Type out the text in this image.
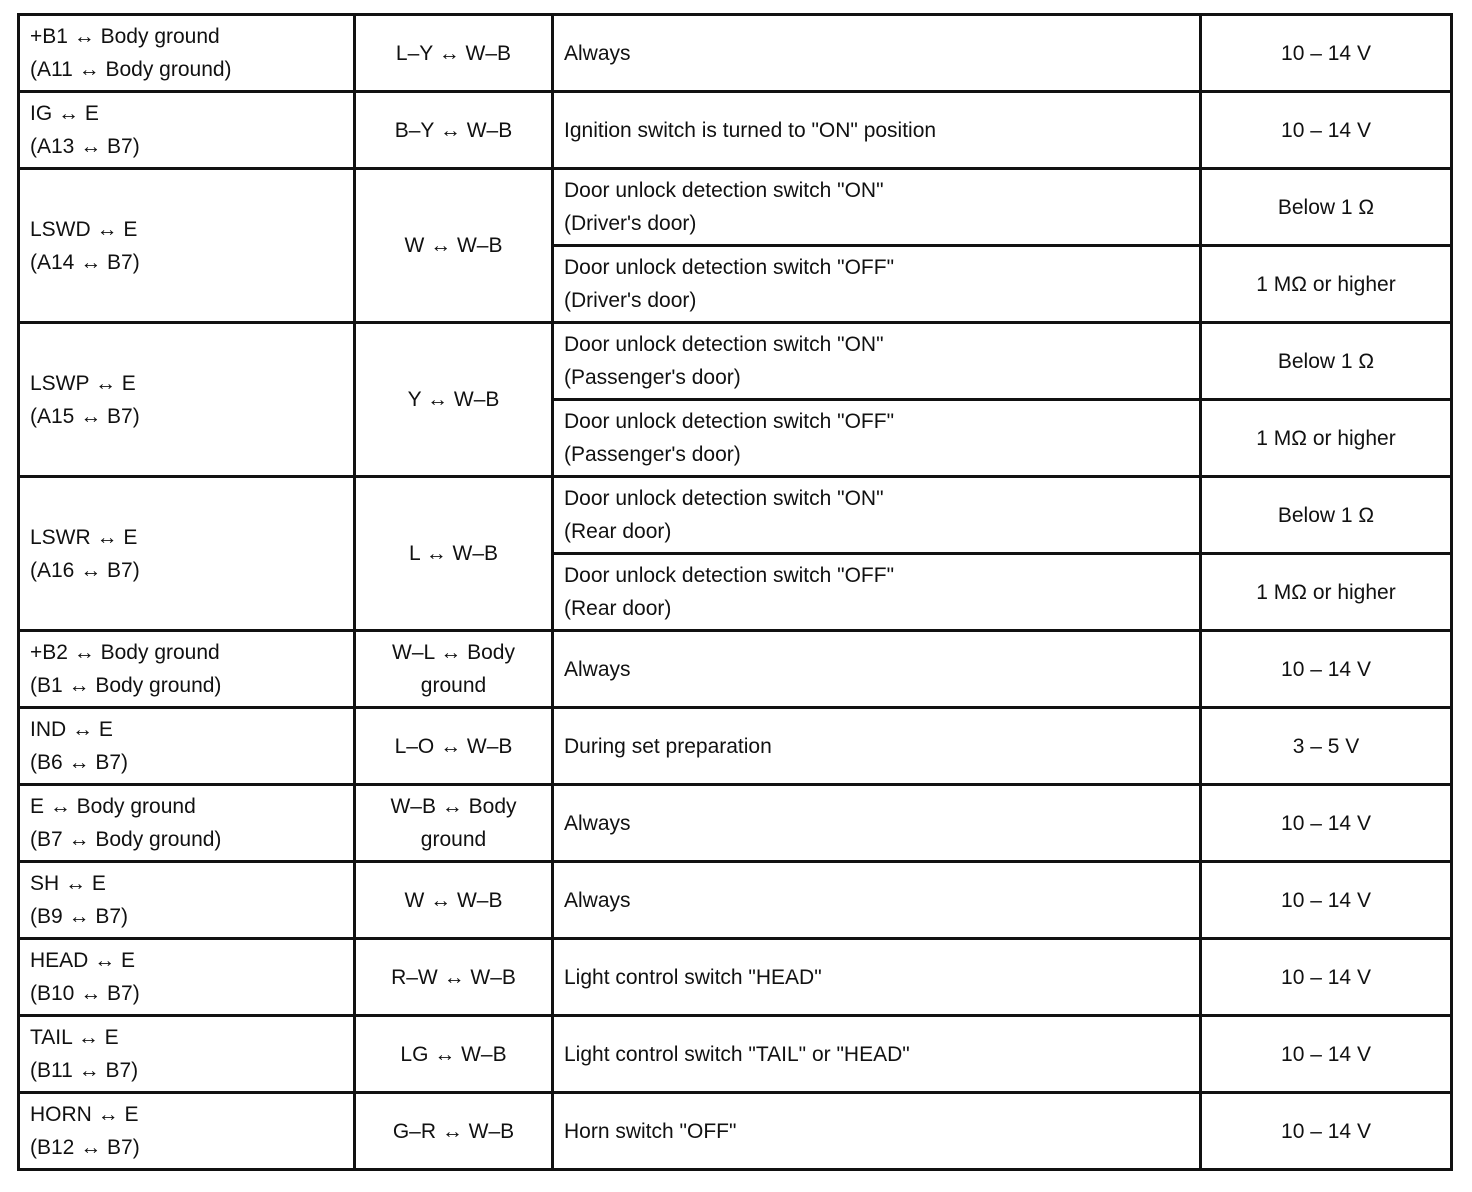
+B1 ↔ Body ground
(A11 ↔ Body ground)	L–Y ↔ W–B	Always	10 – 14 V

IG ↔ E
(A13 ↔ B7)	B–Y ↔ W–B	Ignition switch is turned to "ON" position	10 – 14 V

LSWD ↔ E
(A14 ↔ B7)	W ↔ W–B	Door unlock detection switch "ON"
(Driver's door)	Below 1 Ω

		Door unlock detection switch "OFF"
(Driver's door)	1 MΩ or higher

LSWP ↔ E
(A15 ↔ B7)	Y ↔ W–B	Door unlock detection switch "ON"
(Passenger's door)	Below 1 Ω

		Door unlock detection switch "OFF"
(Passenger's door)	1 MΩ or higher

LSWR ↔ E
(A16 ↔ B7)	L ↔ W–B	Door unlock detection switch "ON"
(Rear door)	Below 1 Ω

		Door unlock detection switch "OFF"
(Rear door)	1 MΩ or higher

+B2 ↔ Body ground
(B1 ↔ Body ground)	W–L ↔ Body
ground	Always	10 – 14 V

IND ↔ E
(B6 ↔ B7)	L–O ↔ W–B	During set preparation	3 – 5 V

E ↔ Body ground
(B7 ↔ Body ground)	W–B ↔ Body
ground	Always	10 – 14 V

SH ↔ E
(B9 ↔ B7)	W ↔ W–B	Always	10 – 14 V

HEAD ↔ E
(B10 ↔ B7)	R–W ↔ W–B	Light control switch "HEAD"	10 – 14 V

TAIL ↔ E
(B11 ↔ B7)	LG ↔ W–B	Light control switch "TAIL" or "HEAD"	10 – 14 V

HORN ↔ E
(B12 ↔ B7)	G–R ↔ W–B	Horn switch "OFF"	10 – 14 V
